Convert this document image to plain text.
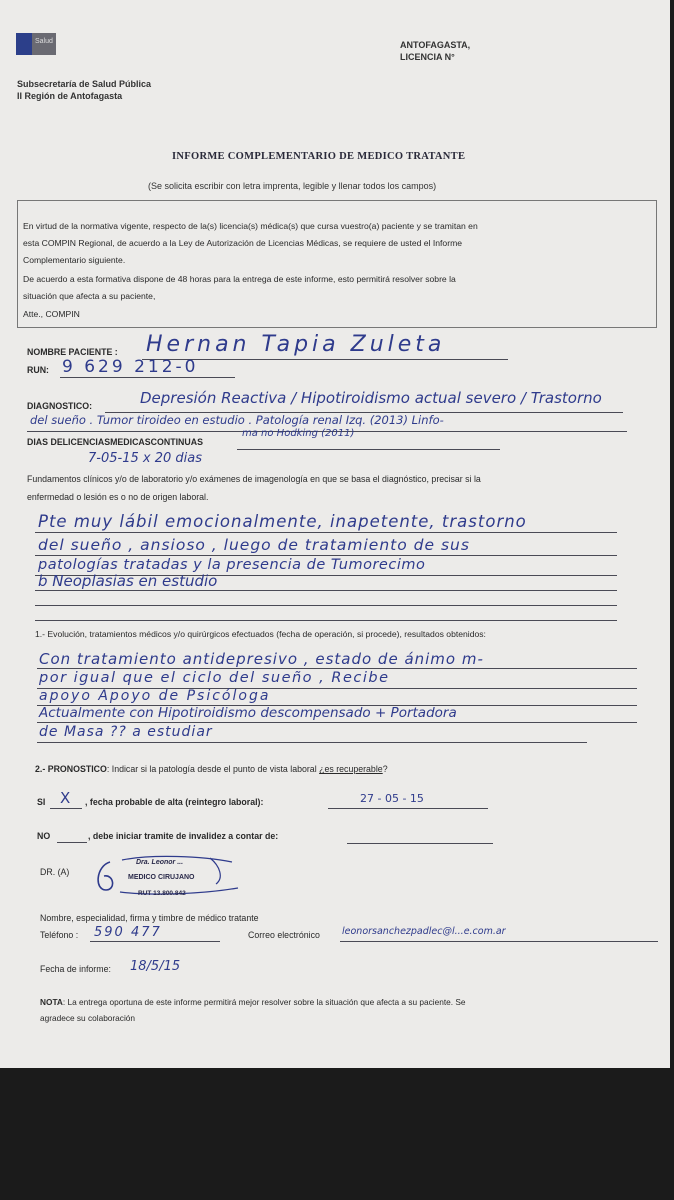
Salud
Subsecretaría de Salud Pública
II Región de Antofagasta
ANTOFAGASTA,
LICENCIA N°
INFORME COMPLEMENTARIO DE MEDICO TRATANTE
(Se solicita escribir con letra imprenta, legible y llenar todos los campos)
En virtud de la normativa vigente, respecto de la(s) licencia(s) médica(s) que cursa vuestro(a) paciente y se tramitan en
esta COMPIN Regional, de acuerdo a la Ley de Autorización de Licencias Médicas, se requiere de usted el Informe
Complementario siguiente.
De acuerdo a esta formativa dispone de 48 horas para la entrega de este informe, esto permitirá resolver sobre la
situación que afecta a su paciente,
Atte., COMPIN
NOMBRE PACIENTE : Hernan Tapia Zuleta
RUN: 9 629 212-0
DIAGNOSTICO:	Depresión Reactiva / Hipotiroidismo actual severo / Trastorno
del sueño . Tumor tiroideo en estudio . Patología renal Izq. (2013) Linfo-
ma no Hodking (2011)
DIAS DELICENCIASMEDICASCONTINUAS
7-05-15 x 20 dias
Fundamentos clínicos y/o de laboratorio y/o exámenes de imagenología en que se basa el diagnóstico, precisar si la
enfermedad o lesión es o no de origen laboral.
Pte muy lábil emocionalmente, inapetente, trastorno
del sueño , ansioso , luego de tratamiento de sus
patologías tratadas y la presencia de Tumorecimo
b Neoplasias en estudio
1.- Evolución, tratamientos médicos y/o quirúrgicos efectuados (fecha de operación, si procede), resultados obtenidos:
Con tratamiento antidepresivo , estado de ánimo m-
por igual que el ciclo del sueño , Recibe
apoyo Apoyo de Psicóloga
Actualmente con Hipotiroidismo descompensado + Portadora
de Masa ?? a estudiar
2.- PRONOSTICO: Indicar si la patología desde el punto de vista laboral ¿es recuperable?
SI X , fecha probable de alta (reintegro laboral):	27 - 05 - 15
NO	, debe iniciar tramite de invalidez a contar de:
DR. (A)
Dra. Leonor ...
MEDICO CIRUJANO
RUT 13.800.842
Nombre, especialidad, firma y timbre de médico tratante
Teléfono : 590 477	Correo electrónico leonorsanchezpadlec@l...e.com.ar
Fecha de informe: 18/5/15
NOTA: La entrega oportuna de este informe permitirá mejor resolver sobre la situación que afecta a su paciente. Se
agradece su colaboración
